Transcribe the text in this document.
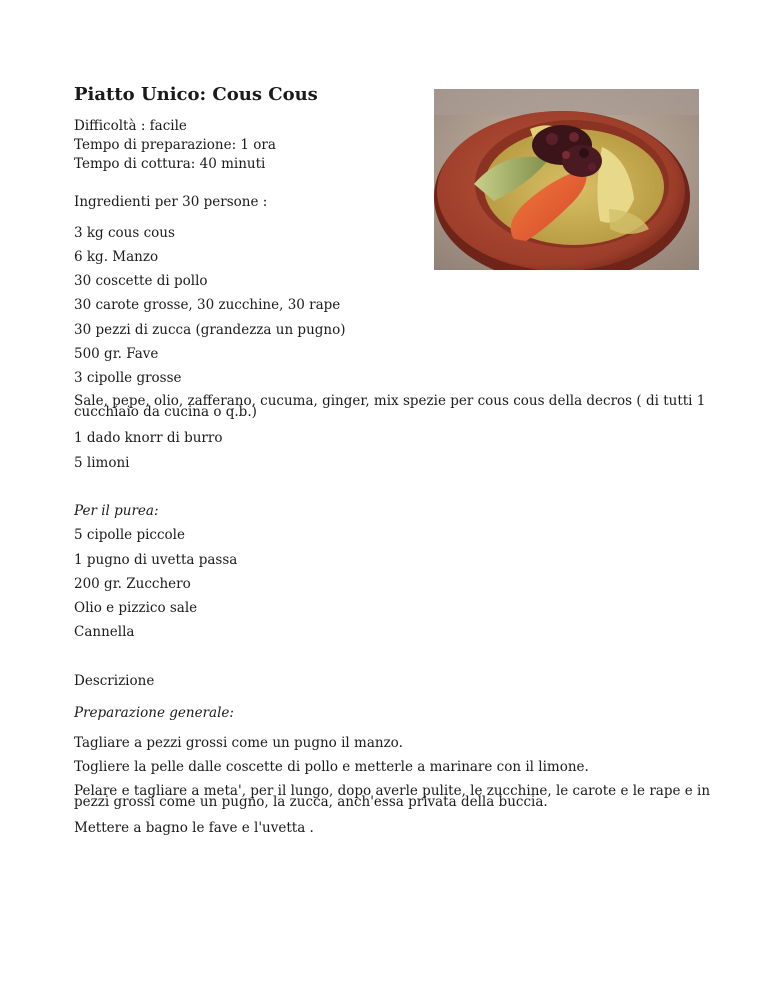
Piatto Unico: Cous Cous

Difficoltà : facile

Tempo di preparazione: 1 ora

Tempo di cottura: 40 minuti

Ingredienti per 30 persone :

3 kg cous cous

6 kg. Manzo

30 coscette di pollo

30 carote grosse, 30 zucchine, 30 rape

30 pezzi di zucca (grandezza un pugno)

500 gr. Fave

3 cipolle grosse

Sale, pepe, olio, zafferano, cucuma, ginger, mix spezie per cous cous della decros ( di tutti 1 cucchiaio da cucina o q.b.)

1 dado knorr di burro

5 limoni

Per il purea:

5 cipolle piccole

1 pugno di uvetta passa

200 gr. Zucchero

Olio e pizzico sale

Cannella

Descrizione

Preparazione generale:

Tagliare a pezzi grossi come un pugno il manzo.

Togliere la pelle dalle coscette di pollo e metterle a marinare con il limone.

Pelare e tagliare a meta', per il lungo, dopo averle pulite, le zucchine, le carote e le rape e in pezzi grossi come un pugno, la zucca, anch'essa privata della buccia.

Mettere a bagno le fave e l'uvetta .
